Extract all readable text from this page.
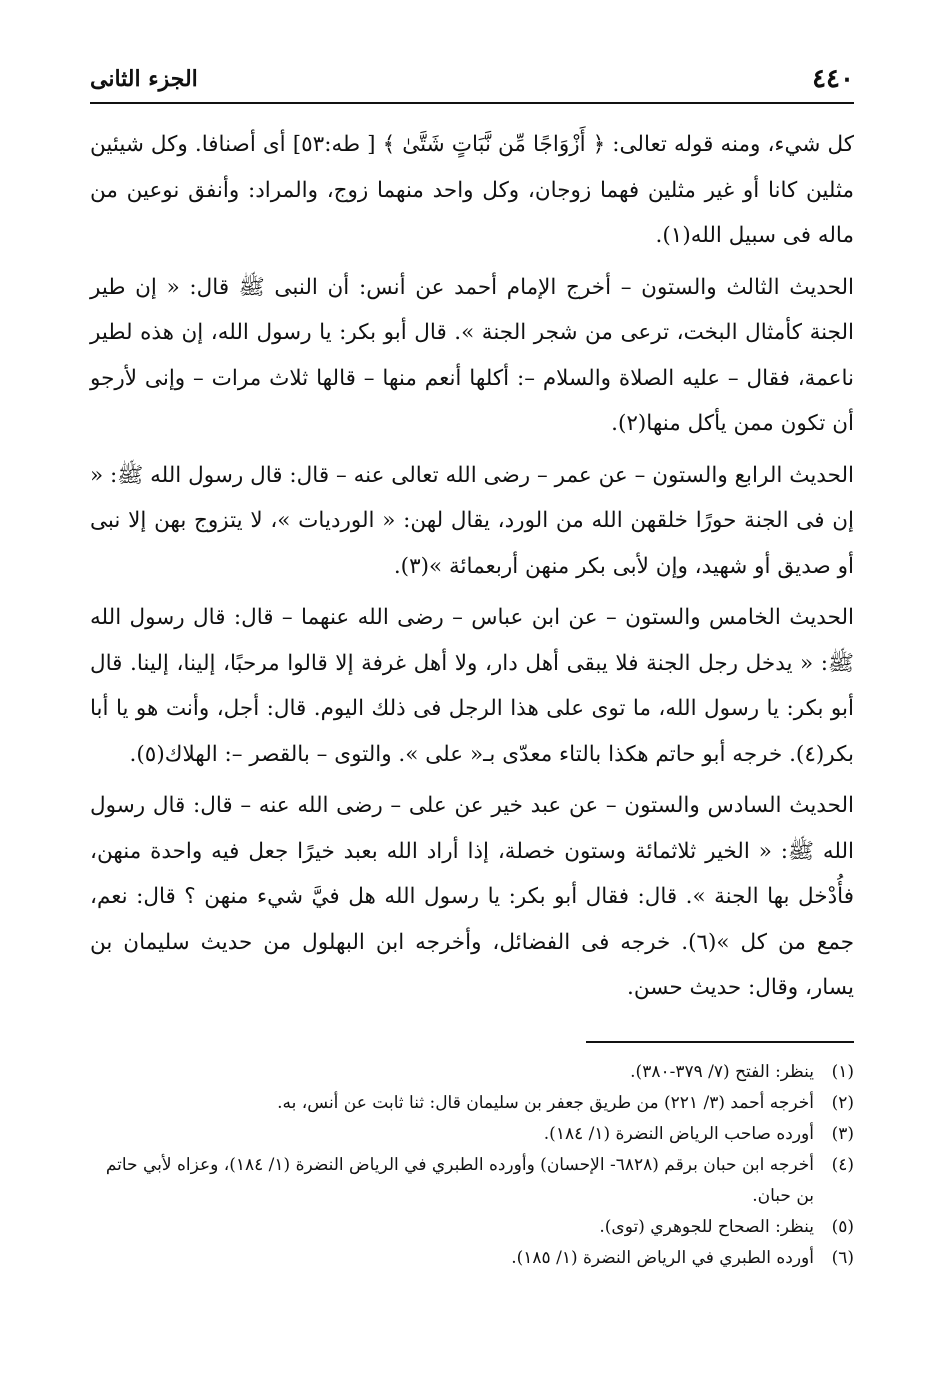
٤٤٠
الجزء الثانى

كل شيء، ومنه قوله تعالى: ﴿ أَزْوَاجًا مِّن نَّبَاتٍ شَتَّىٰ ﴾ [ طه:٥٣] أى أصنافا. وكل شيئين مثلين كانا أو غير مثلين فهما زوجان، وكل واحد منهما زوج، والمراد: وأنفق نوعين من ماله فى سبيل الله(١).

الحديث الثالث والستون – أخرج الإمام أحمد عن أنس: أن النبى ﷺ قال: « إن طير الجنة كأمثال البخت، ترعى من شجر الجنة ». قال أبو بكر: يا رسول الله، إن هذه لطير ناعمة، فقال – عليه الصلاة والسلام –: أكلها أنعم منها – قالها ثلاث مرات – وإنى لأرجو أن تكون ممن يأكل منها(٢).

الحديث الرابع والستون – عن عمر – رضى الله تعالى عنه – قال: قال رسول الله ﷺ: « إن فى الجنة حورًا خلقهن الله من الورد، يقال لهن: « الورديات »، لا يتزوج بهن إلا نبى أو صديق أو شهيد، وإن لأبى بكر منهن أربعمائة »(٣).

الحديث الخامس والستون – عن ابن عباس – رضى الله عنهما – قال: قال رسول الله ﷺ: « يدخل رجل الجنة فلا يبقى أهل دار، ولا أهل غرفة إلا قالوا مرحبًا، إلينا، إلينا. قال أبو بكر: يا رسول الله، ما توى على هذا الرجل فى ذلك اليوم. قال: أجل، وأنت هو يا أبا بكر(٤). خرجه أبو حاتم هكذا بالتاء معدّى بـ« على ». والتوى – بالقصر –: الهلاك(٥).

الحديث السادس والستون – عن عبد خير عن على – رضى الله عنه – قال: قال رسول الله ﷺ: « الخير ثلاثمائة وستون خصلة، إذا أراد الله بعبد خيرًا جعل فيه واحدة منهن، فأُدْخل بها الجنة ». قال: فقال أبو بكر: يا رسول الله هل فيَّ شيء منهن ؟ قال: نعم، جمع من كل »(٦). خرجه فى الفضائل، وأخرجه ابن البهلول من حديث سليمان بن يسار، وقال: حديث حسن.

(١)
ينظر: الفتح (٧/ ٣٧٩-٣٨٠).
(٢)
أخرجه أحمد (٣/ ٢٢١) من طريق جعفر بن سليمان قال: ثنا ثابت عن أنس، به.
(٣)
أورده صاحب الرياض النضرة (١/ ١٨٤).
(٤)
أخرجه ابن حبان برقم (٦٨٢٨- الإحسان) وأورده الطبري في الرياض النضرة (١/ ١٨٤)، وعزاه لأبي حاتم بن حبان.
(٥)
ينظر: الصحاح للجوهري (توى).
(٦)
أورده الطبري في الرياض النضرة (١/ ١٨٥).
